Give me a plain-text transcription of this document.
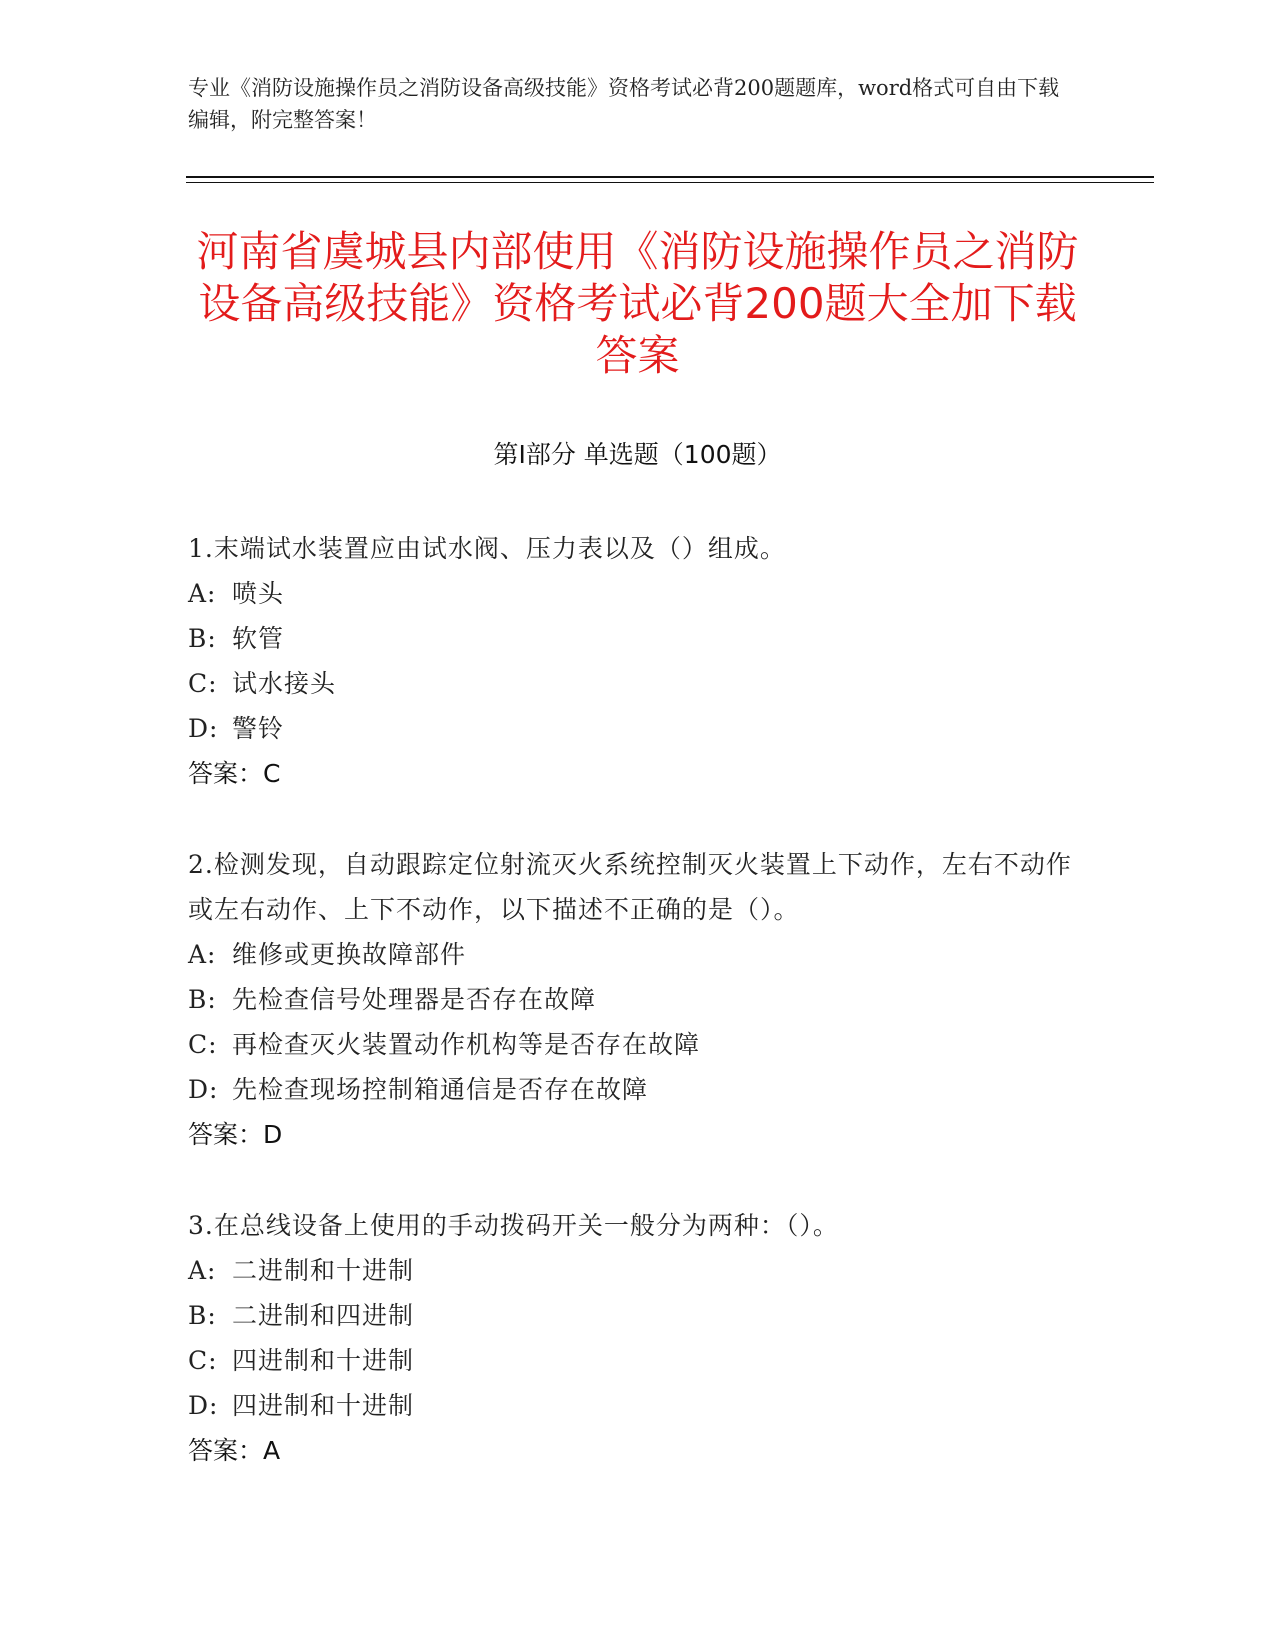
专业《消防设施操作员之消防设备高级技能》资格考试必背200题题库，word格式可自由下载编辑，附完整答案！
河南省虞城县内部使用《消防设施操作员之消防设备高级技能》资格考试必背200题大全加下载答案
第Ⅰ部分 单选题（100题）
1.末端试水装置应由试水阀、压力表以及（）组成。
A: 喷头
B: 软管
C: 试水接头
D: 警铃
答案：C
2.检测发现，自动跟踪定位射流灭火系统控制灭火装置上下动作，左右不动作或左右动作、上下不动作，以下描述不正确的是（）。
A: 维修或更换故障部件
B: 先检查信号处理器是否存在故障
C: 再检查灭火装置动作机构等是否存在故障
D: 先检查现场控制箱通信是否存在故障
答案：D
3.在总线设备上使用的手动拨码开关一般分为两种：（）。
A: 二进制和十进制
B: 二进制和四进制
C: 四进制和十进制
D: 四进制和十进制
答案：A
